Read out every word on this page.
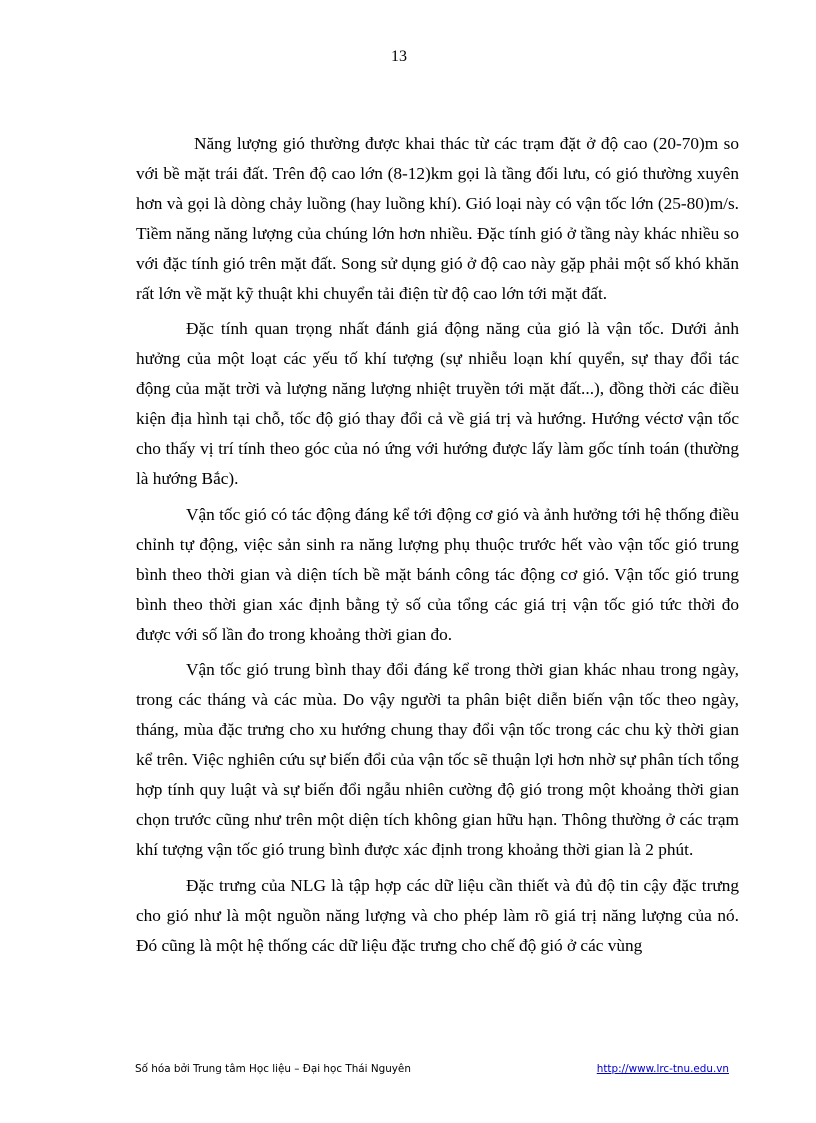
13

Năng lượng gió thường được khai thác từ các trạm đặt ở độ cao (20-70)m so với bề mặt trái đất. Trên độ cao lớn (8-12)km gọi là tầng đối lưu, có gió thường xuyên hơn và gọi là dòng chảy luồng (hay luồng khí). Gió loại này có vận tốc lớn (25-80)m/s. Tiềm năng năng lượng của chúng lớn hơn nhiều. Đặc tính gió ở tầng này khác nhiều so với đặc tính gió trên mặt đất. Song sử dụng gió ở độ cao này gặp phải một số khó khăn rất lớn về mặt kỹ thuật khi chuyển tải điện từ độ cao lớn tới mặt đất.

Đặc tính quan trọng nhất đánh giá động năng của gió là vận tốc. Dưới ảnh hưởng của một loạt các yếu tố khí tượng (sự nhiễu loạn khí quyển, sự thay đổi tác động của mặt trời và lượng năng lượng nhiệt truyền tới mặt đất...), đồng thời các điều kiện địa hình tại chỗ, tốc độ gió thay đổi cả về giá trị và hướng. Hướng véctơ vận tốc cho thấy vị trí tính theo góc của nó ứng với hướng được lấy làm gốc tính toán (thường là hướng Bắc).

Vận tốc gió có tác động đáng kể tới động cơ gió và ảnh hưởng tới hệ thống điều chỉnh tự động, việc sản sinh ra năng lượng phụ thuộc trước hết vào vận tốc gió trung bình theo thời gian và diện tích bề mặt bánh công tác động cơ gió. Vận tốc gió trung bình theo thời gian xác định bằng tỷ số của tổng các giá trị vận tốc gió tức thời đo được với số lần đo trong khoảng thời gian đo.

Vận tốc gió trung bình thay đổi đáng kể trong thời gian khác nhau trong ngày, trong các tháng và các mùa. Do vậy người ta phân biệt diễn biến vận tốc theo ngày, tháng, mùa đặc trưng cho xu hướng chung thay đổi vận tốc trong các chu kỳ thời gian kể trên. Việc nghiên cứu sự biến đổi của vận tốc sẽ thuận lợi hơn nhờ sự phân tích tổng hợp tính quy luật và sự biến đổi ngẫu nhiên cường độ gió trong một khoảng thời gian chọn trước cũng như trên một diện tích không gian hữu hạn. Thông thường ở các trạm khí tượng vận tốc gió trung bình được xác định trong khoảng thời gian là 2 phút.

Đặc trưng của NLG là tập hợp các dữ liệu cần thiết và đủ độ tin cậy đặc trưng cho gió như là một nguồn năng lượng và cho phép làm rõ giá trị năng lượng của nó. Đó cũng là một hệ thống các dữ liệu đặc trưng cho chế độ gió ở các vùng

Số hóa bởi Trung tâm Học liệu – Đại học Thái Nguyên	http://www.lrc-tnu.edu.vn
